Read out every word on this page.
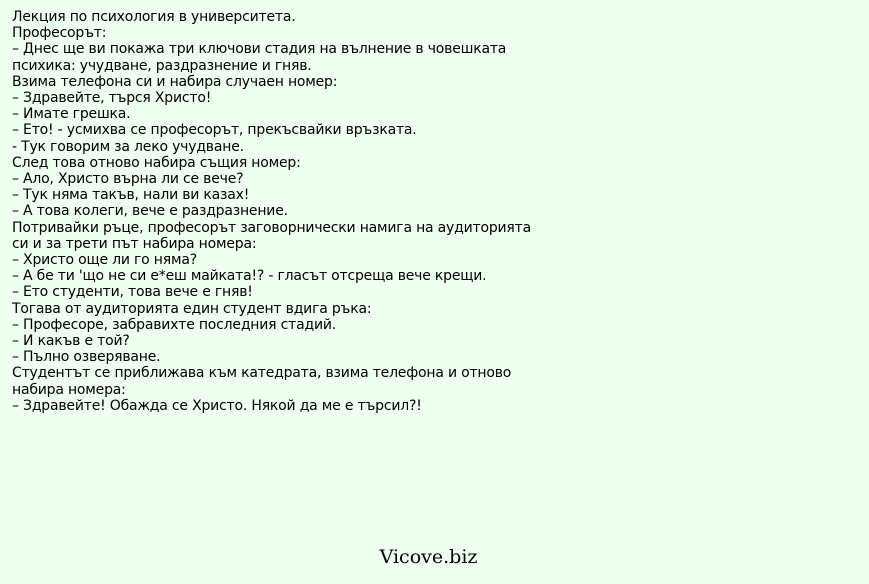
Лекция по психология в университета.
Професорът:
– Днес ще ви покажа три ключови стадия на вълнение в човешката
психика: учудване, раздразнение и гняв.
Взима телефона си и набира случаен номер:
– Здравейте, търся Христо!
– Имате грешка.
– Ето! - усмихва се професорът, прекъсвайки връзката.
- Тук говорим за леко учудване.
След това отново набира същия номер:
– Ало, Христо върна ли се вече?
– Тук няма такъв, нали ви казах!
– А това колеги, вече е раздразнение.
Потривайки ръце, професорът заговорнически намига на аудиторията
си и за трети път набира номера:
– Христо още ли го няма?
– А бе ти 'що не си е*еш майката!? - гласът отсреща вече крещи.
– Ето студенти, това вече е гняв!
Тогава от аудиторията един студент вдига ръка:
– Професоре, забравихте последния стадий.
– И какъв е той?
– Пълно озверяване.
Студентът се приближава към катедрата, взима телефона и отново
набира номера:
– Здравейте! Обажда се Христо. Някой да ме е търсил?!
Vicove.biz
